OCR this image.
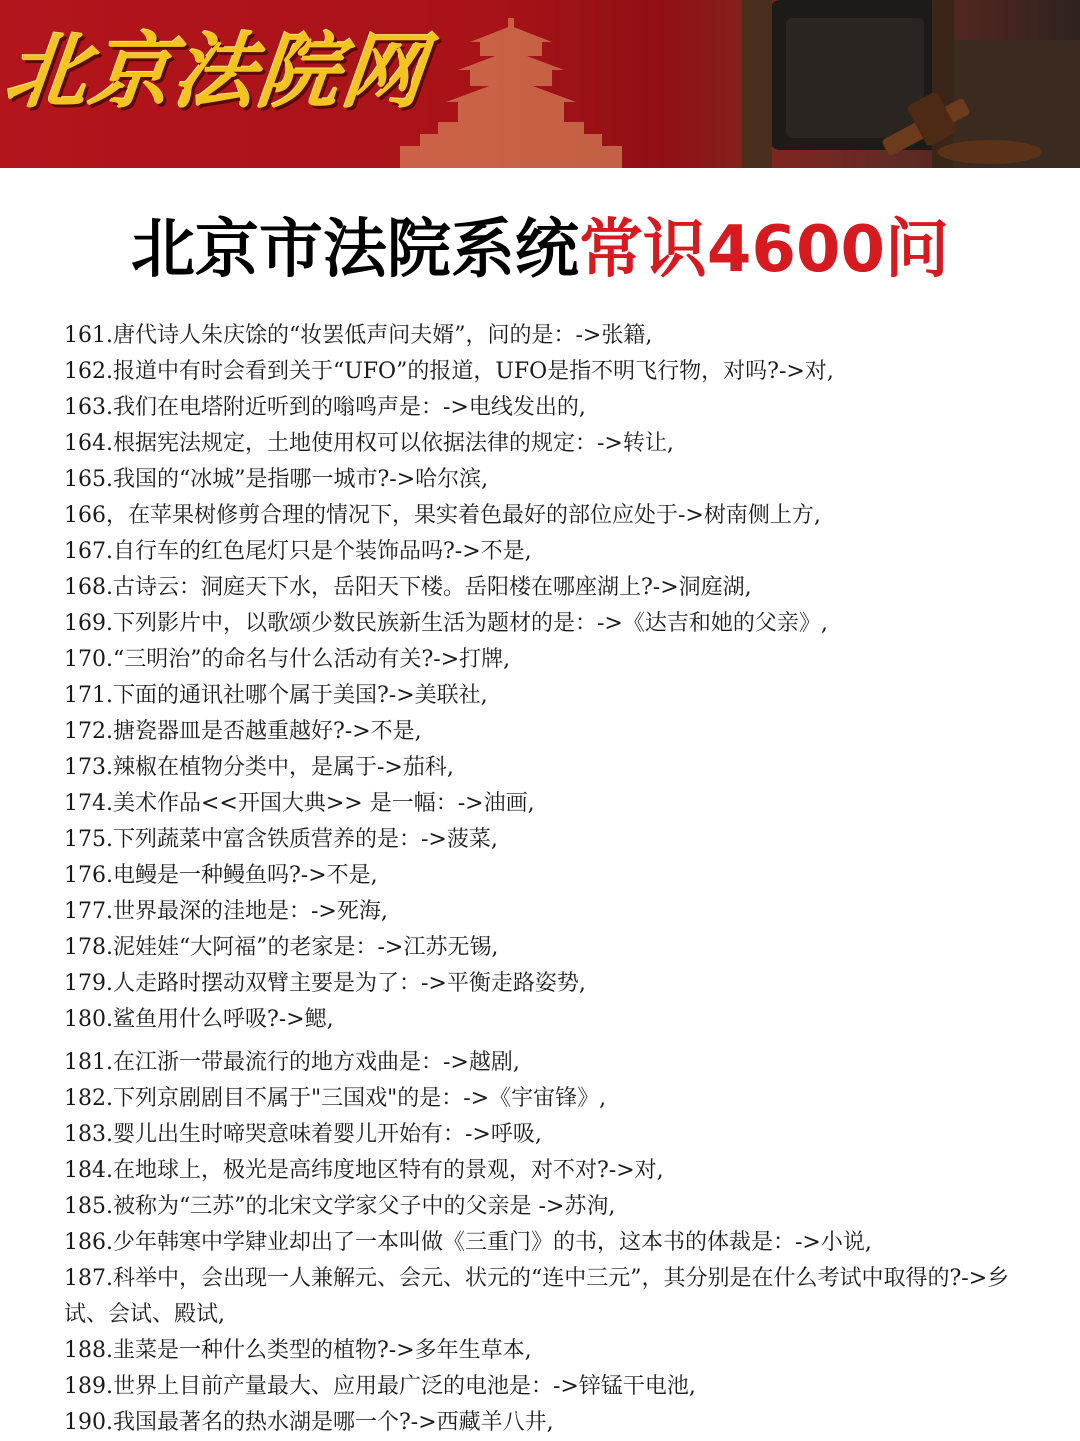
北京法院网
北京市法院系统常识4600问
161.唐代诗人朱庆馀的“妆罢低声问夫婿”，问的是：->张籍,
162.报道中有时会看到关于“UFO”的报道，UFO是指不明飞行物，对吗?->对,
163.我们在电塔附近听到的嗡鸣声是：->电线发出的,
164.根据宪法规定，土地使用权可以依据法律的规定：->转让,
165.我国的“冰城”是指哪一城市?->哈尔滨,
166，在苹果树修剪合理的情况下，果实着色最好的部位应处于->树南侧上方,
167.自行车的红色尾灯只是个装饰品吗?->不是,
168.古诗云：洞庭天下水，岳阳天下楼。岳阳楼在哪座湖上?->洞庭湖,
169.下列影片中，以歌颂少数民族新生活为题材的是：->《达吉和她的父亲》,
170.“三明治”的命名与什么活动有关?->打牌,
171.下面的通讯社哪个属于美国?->美联社,
172.搪瓷器皿是否越重越好?->不是,
173.辣椒在植物分类中，是属于->茄科,
174.美术作品<<开国大典>> 是一幅：->油画,
175.下列蔬菜中富含铁质营养的是：->菠菜,
176.电鳗是一种鳗鱼吗?->不是,
177.世界最深的洼地是：->死海,
178.泥娃娃“大阿福”的老家是：->江苏无锡,
179.人走路时摆动双臂主要是为了：->平衡走路姿势,
180.鲨鱼用什么呼吸?->鳃,
181.在江浙一带最流行的地方戏曲是：->越剧,
182.下列京剧剧目不属于"三国戏"的是：->《宇宙锋》,
183.婴儿出生时啼哭意味着婴儿开始有：->呼吸,
184.在地球上，极光是高纬度地区特有的景观，对不对?->对,
185.被称为“三苏”的北宋文学家父子中的父亲是 ->苏洵,
186.少年韩寒中学肄业却出了一本叫做《三重门》的书，这本书的体裁是：->小说,
187.科举中，会出现一人兼解元、会元、状元的“连中三元”，其分别是在什么考试中取得的?->乡试、会试、殿试,
188.韭菜是一种什么类型的植物?->多年生草本,
189.世界上目前产量最大、应用最广泛的电池是：->锌锰干电池,
190.我国最著名的热水湖是哪一个?->西藏羊八井,
